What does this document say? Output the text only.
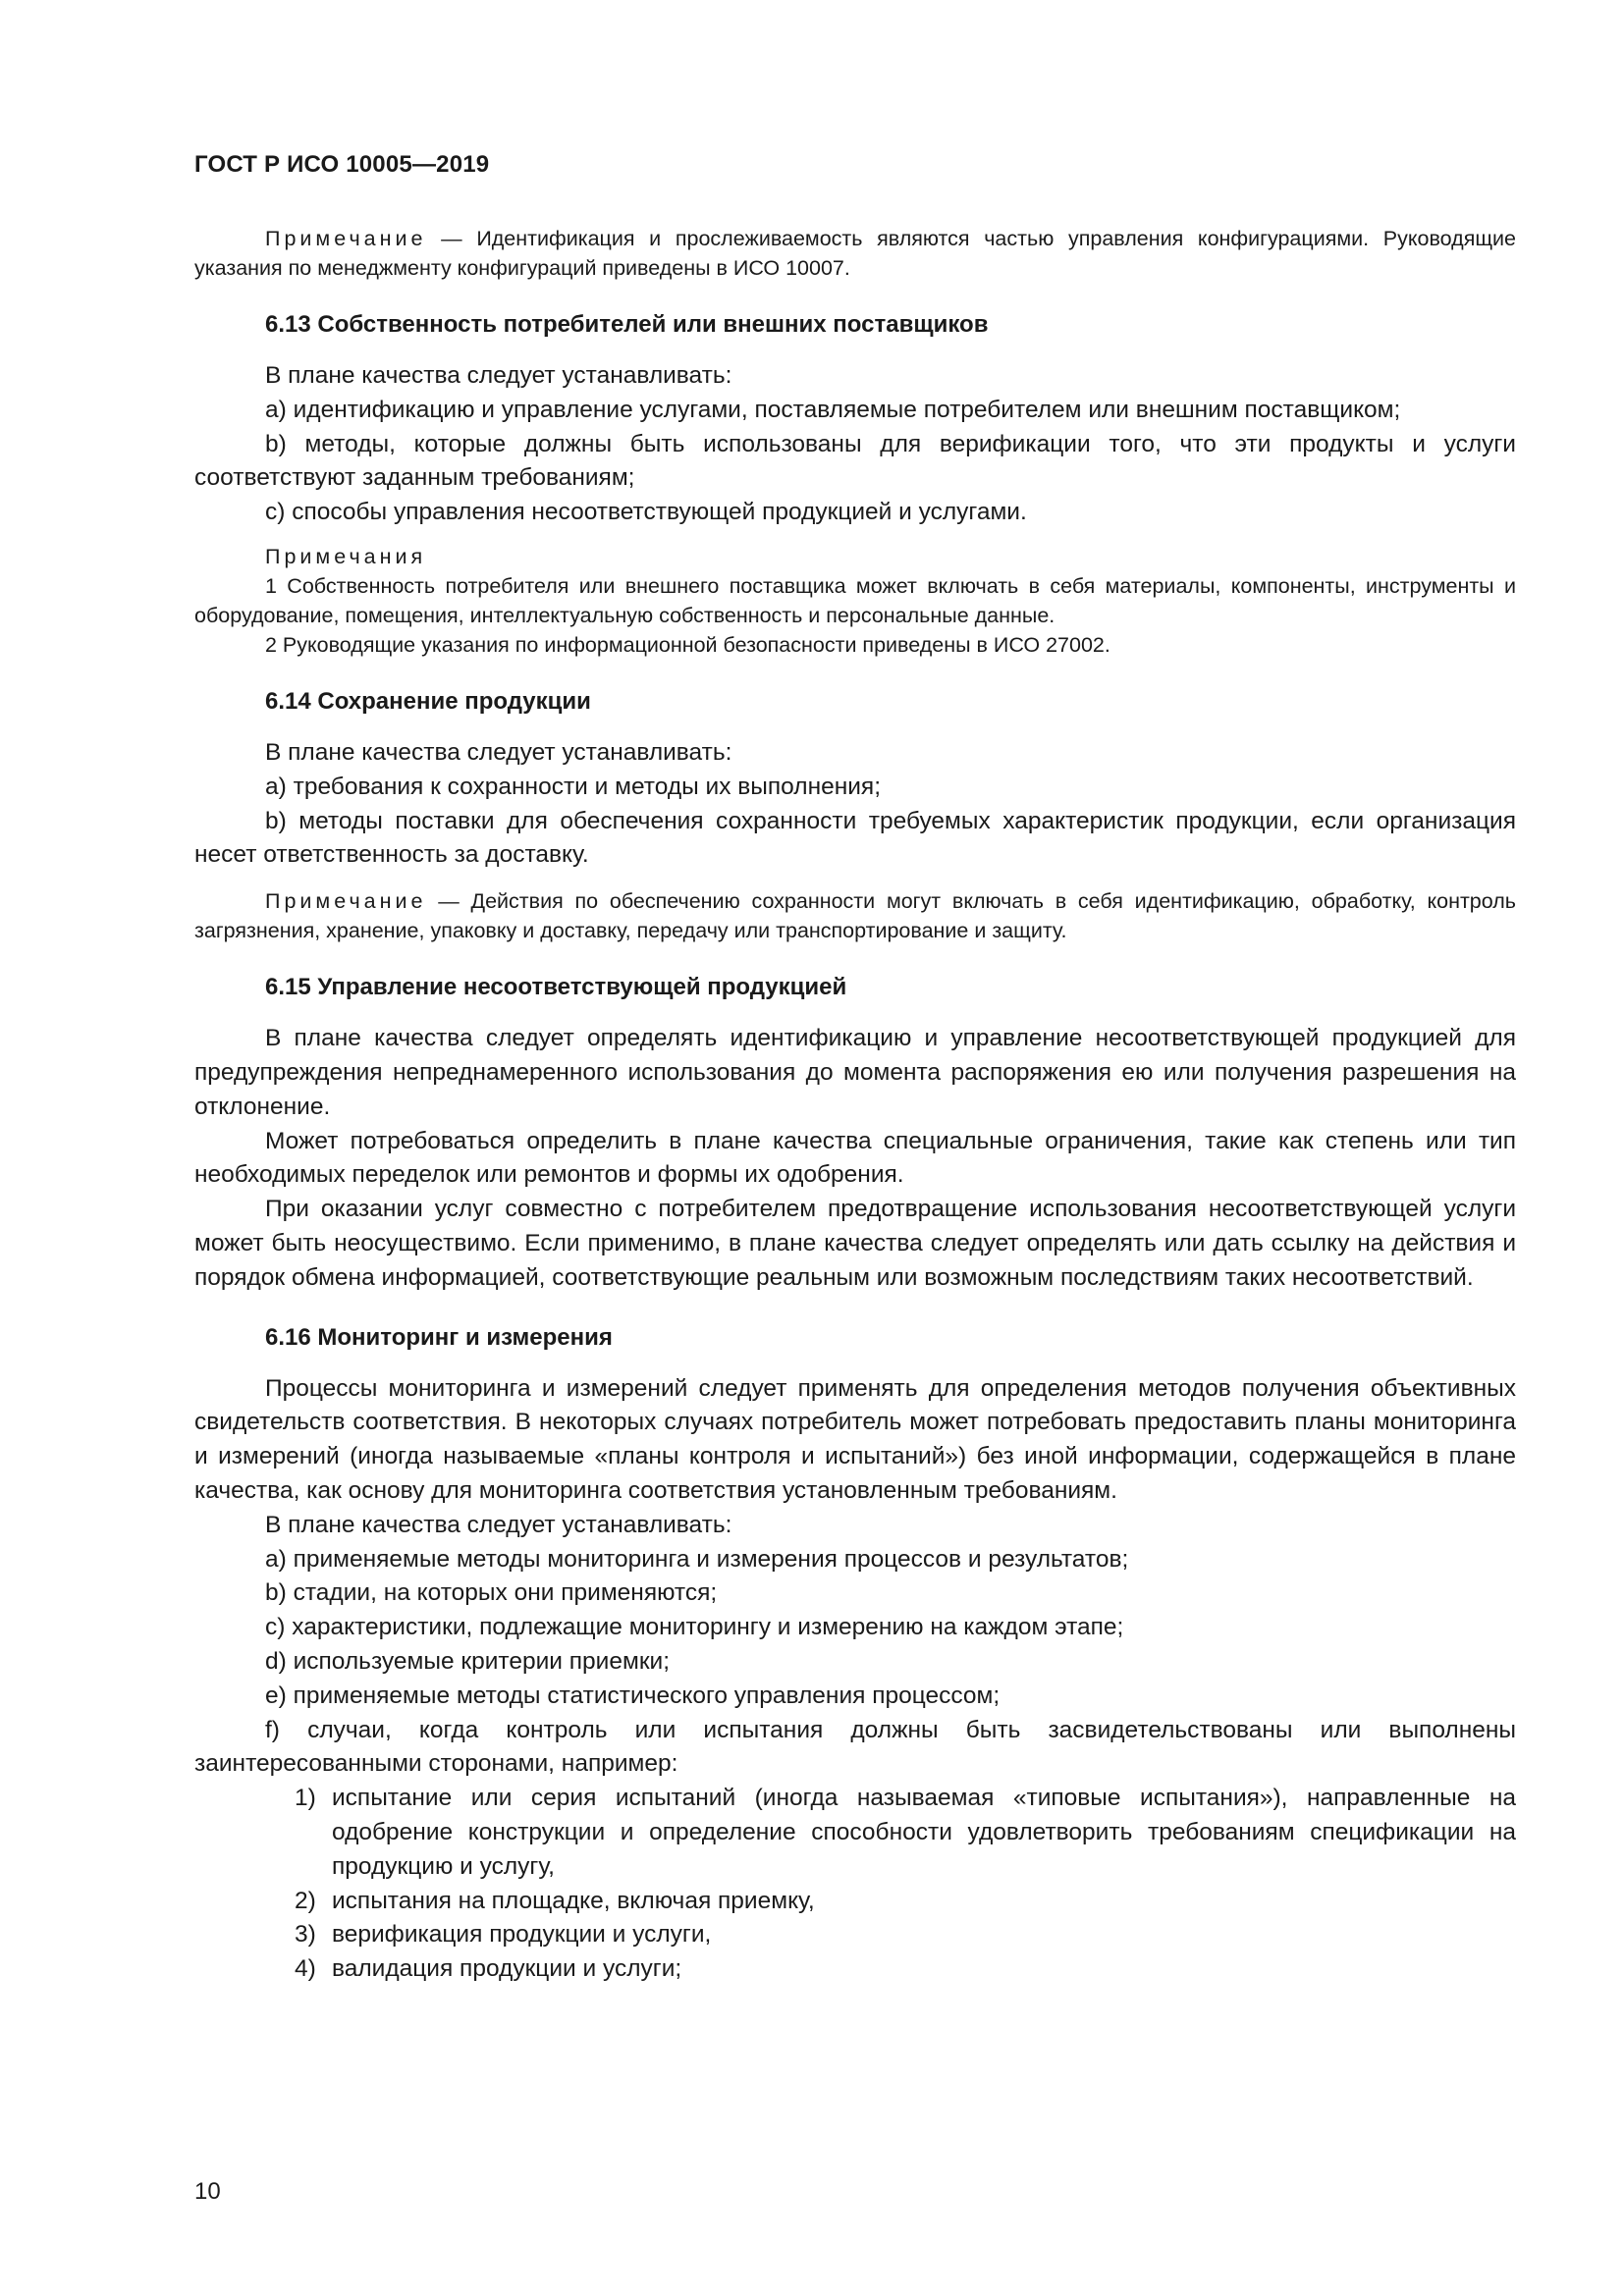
ГОСТ Р ИСО 10005—2019

Примечание — Идентификация и прослеживаемость являются частью управления конфигурациями. Руководящие указания по менеджменту конфигураций приведены в ИСО 10007.

6.13 Собственность потребителей или внешних поставщиков

В плане качества следует устанавливать:

a) идентификацию и управление услугами, поставляемые потребителем или внешним поставщиком;

b) методы, которые должны быть использованы для верификации того, что эти продукты и услуги соответствуют заданным требованиям;

c) способы управления несоответствующей продукцией и услугами.

Примечания

1 Собственность потребителя или внешнего поставщика может включать в себя материалы, компоненты, инструменты и оборудование, помещения, интеллектуальную собственность и персональные данные.

2 Руководящие указания по информационной безопасности приведены в ИСО 27002.

6.14 Сохранение продукции

В плане качества следует устанавливать:

a) требования к сохранности и методы их выполнения;

b) методы поставки для обеспечения сохранности требуемых характеристик продукции, если организация несет ответственность за доставку.

Примечание — Действия по обеспечению сохранности могут включать в себя идентификацию, обработку, контроль загрязнения, хранение, упаковку и доставку, передачу или транспортирование и защиту.

6.15 Управление несоответствующей продукцией

В плане качества следует определять идентификацию и управление несоответствующей продукцией для предупреждения непреднамеренного использования до момента распоряжения ею или получения разрешения на отклонение.

Может потребоваться определить в плане качества специальные ограничения, такие как степень или тип необходимых переделок или ремонтов и формы их одобрения.

При оказании услуг совместно с потребителем предотвращение использования несоответствующей услуги может быть неосуществимо. Если применимо, в плане качества следует определять или дать ссылку на действия и порядок обмена информацией, соответствующие реальным или возможным последствиям таких несоответствий.

6.16 Мониторинг и измерения

Процессы мониторинга и измерений следует применять для определения методов получения объективных свидетельств соответствия. В некоторых случаях потребитель может потребовать предоставить планы мониторинга и измерений (иногда называемые «планы контроля и испытаний») без иной информации, содержащейся в плане качества, как основу для мониторинга соответствия установленным требованиям.

В плане качества следует устанавливать:

a) применяемые методы мониторинга и измерения процессов и результатов;

b) стадии, на которых они применяются;

c) характеристики, подлежащие мониторингу и измерению на каждом этапе;

d) используемые критерии приемки;

e) применяемые методы статистического управления процессом;

f) случаи, когда контроль или испытания должны быть засвидетельствованы или выполнены заинтересованными сторонами, например:

1) испытание или серия испытаний (иногда называемая «типовые испытания»), направленные на одобрение конструкции и определение способности удовлетворить требованиям спецификации на продукцию и услугу,
2) испытания на площадке, включая приемку,
3) верификация продукции и услуги,
4) валидация продукции и услуги;
10
